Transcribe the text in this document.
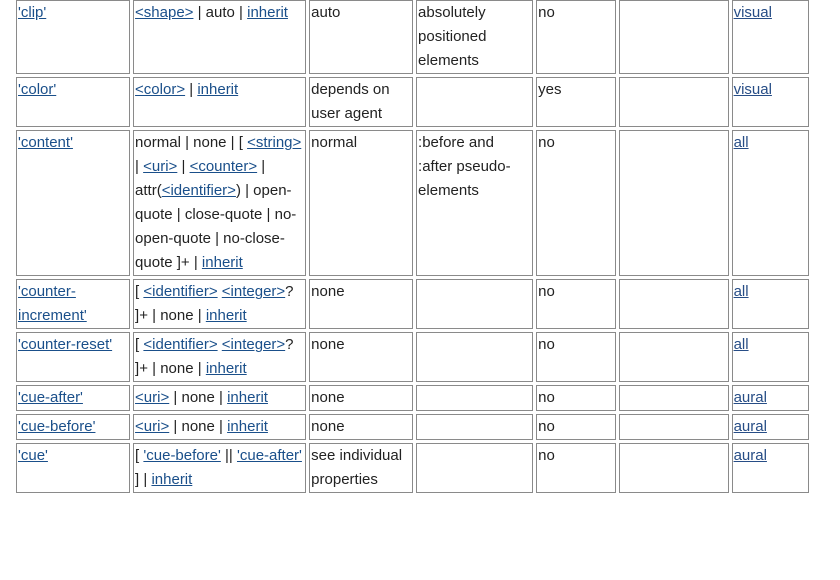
'clip'	<shape> | auto | inherit	auto	absolutely positioned elements	no		visual
'color'	<color> | inherit	depends on user agent		yes		visual
'content'	normal | none | [ <string> | <uri> | <counter> | attr(<identifier>) | open-quote | close-quote | no-open-quote | no-close-quote ]+ | inherit	normal	:before and :after pseudo-elements	no		all
'counter-increment'	[ <identifier> <integer>? ]+ | none | inherit	none		no		all
'counter-reset'	[ <identifier> <integer>? ]+ | none | inherit	none		no		all
'cue-after'	<uri> | none | inherit	none		no		aural
'cue-before'	<uri> | none | inherit	none		no		aural
'cue'	[ 'cue-before' || 'cue-after' ] | inherit	see individual properties		no		aural
